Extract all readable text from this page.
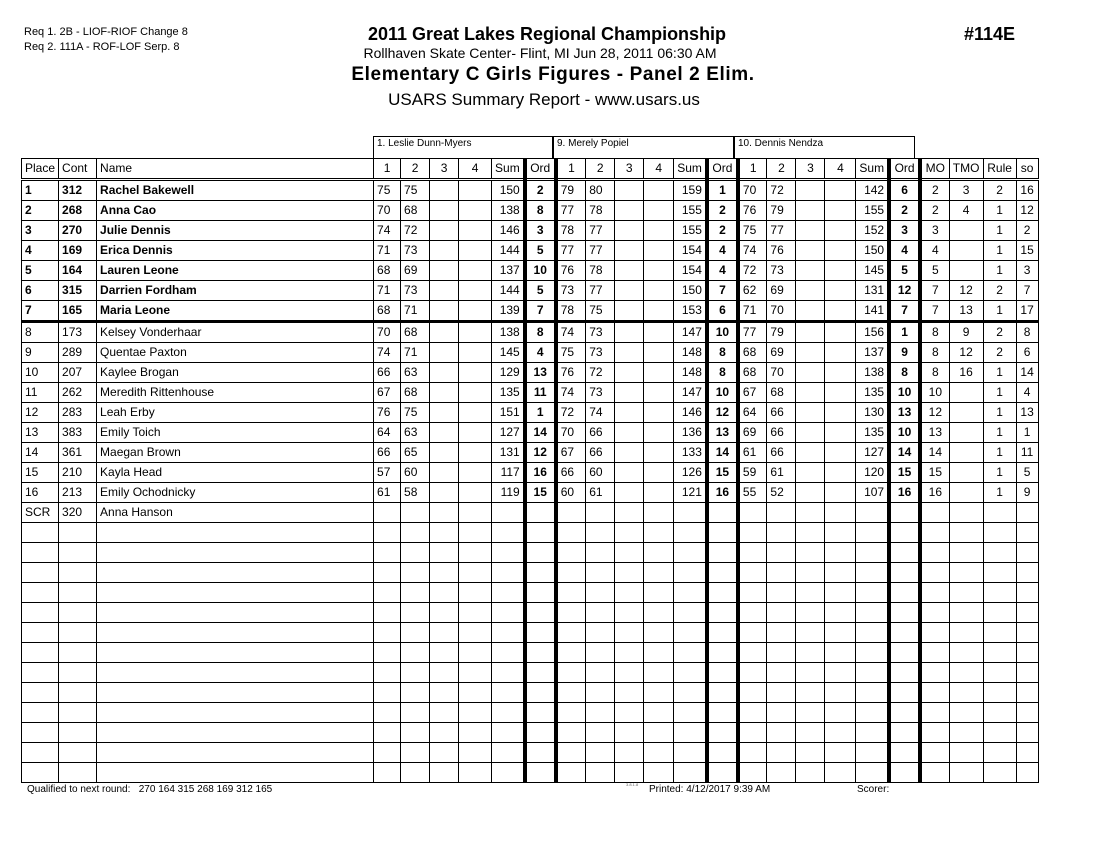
Req 1. 2B - LIOF-RIOF Change 8
Req 2. 111A - ROF-LOF Serp. 8
2011 Great Lakes Regional Championship
Rollhaven Skate Center- Flint, MI Jun 28, 2011 06:30 AM
Elementary C Girls Figures - Panel 2 Elim.
USARS Summary Report - www.usars.us
#114E
1. Leslie Dunn-Myers	9. Merely Popiel	10. Dennis Nendza
Place	Cont	Name	1	2	3	4	Sum	Ord	1	2	3	4	Sum	Ord	1	2	3	4	Sum	Ord	MO	TMO	Rule	so
1	312	Rachel Bakewell	75	75			150	2	79	80			159	1	70	72			142	6	2	3	2	16
2	268	Anna Cao	70	68			138	8	77	78			155	2	76	79			155	2	2	4	1	12
3	270	Julie Dennis	74	72			146	3	78	77			155	2	75	77			152	3	3		1	2
4	169	Erica Dennis	71	73			144	5	77	77			154	4	74	76			150	4	4		1	15
5	164	Lauren Leone	68	69			137	10	76	78			154	4	72	73			145	5	5		1	3
6	315	Darrien Fordham	71	73			144	5	73	77			150	7	62	69			131	12	7	12	2	7
7	165	Maria Leone	68	71			139	7	78	75			153	6	71	70			141	7	7	13	1	17
8	173	Kelsey Vonderhaar	70	68			138	8	74	73			147	10	77	79			156	1	8	9	2	8
9	289	Quentae Paxton	74	71			145	4	75	73			148	8	68	69			137	9	8	12	2	6
10	207	Kaylee Brogan	66	63			129	13	76	72			148	8	68	70			138	8	8	16	1	14
11	262	Meredith Rittenhouse	67	68			135	11	74	73			147	10	67	68			135	10	10		1	4
12	283	Leah Erby	76	75			151	1	72	74			146	12	64	66			130	13	12		1	13
13	383	Emily Toich	64	63			127	14	70	66			136	13	69	66			135	10	13		1	1
14	361	Maegan Brown	66	65			131	12	67	66			133	14	61	66			127	14	14		1	11
15	210	Kayla Head	57	60			117	16	66	60			126	15	59	61			120	15	15		1	5
16	213	Emily Ochodnicky	61	58			119	15	60	61			121	16	55	52			107	16	16		1	9
SCR	320	Anna Hanson																						

Qualified to next round: 270 164 315 268 169 312 165	3.8.1.8 Printed: 4/12/2017 9:39 AM	Scorer:
